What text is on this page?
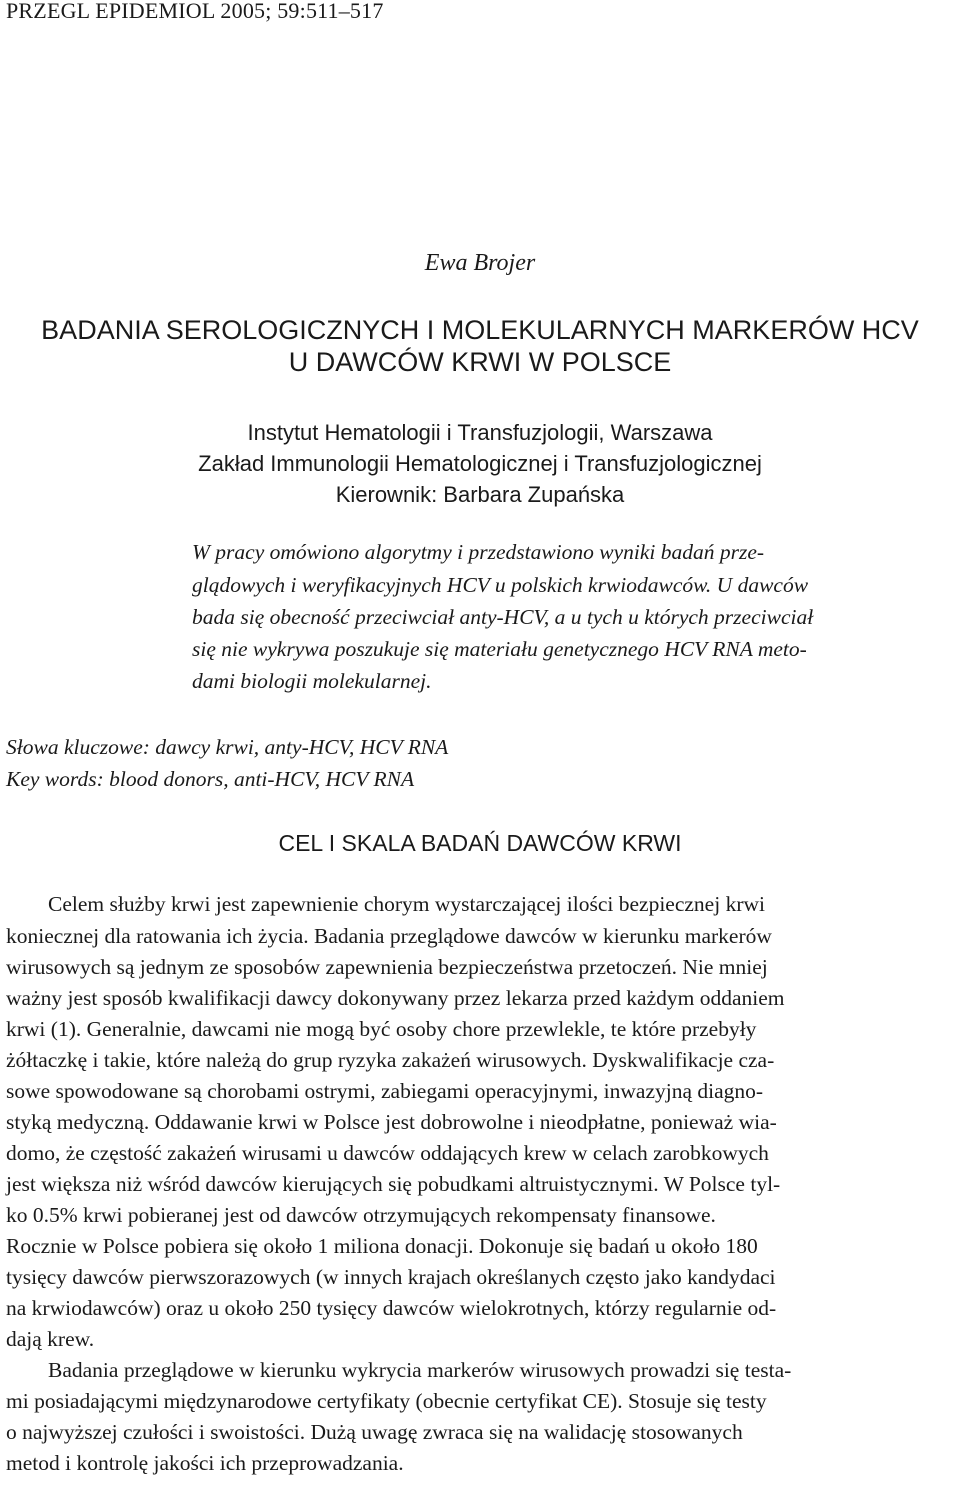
PRZEGL EPIDEMIOL 2005; 59:511–517
Ewa Brojer
BADANIA SEROLOGICZNYCH I MOLEKULARNYCH MARKERÓW HCV
U DAWCÓW KRWI W POLSCE
Instytut Hematologii i Transfuzjologii, Warszawa
Zakład Immunologii Hematologicznej i Transfuzjologicznej
Kierownik: Barbara Zupańska
W pracy omówiono algorytmy i przedstawiono wyniki badań prze-
glądowych i weryfikacyjnych HCV u polskich krwiodawców. U dawców
bada się obecność przeciwciał anty-HCV, a u tych u których przeciwciał
się nie wykrywa poszukuje się materiału genetycznego HCV RNA meto-
dami biologii molekularnej.
Słowa kluczowe: dawcy krwi, anty-HCV, HCV RNA
Key words: blood donors, anti-HCV, HCV RNA
CEL I SKALA BADAŃ DAWCÓW KRWI
Celem służby krwi jest zapewnienie chorym wystarczającej ilości bezpiecznej krwi
koniecznej dla ratowania ich życia. Badania przeglądowe dawców w kierunku markerów
wirusowych są jednym ze sposobów zapewnienia bezpieczeństwa przetoczeń. Nie mniej
ważny jest sposób kwalifikacji dawcy dokonywany przez lekarza przed każdym oddaniem
krwi (1). Generalnie, dawcami nie mogą być osoby chore przewlekle, te które przebyły
żółtaczkę i takie, które należą do grup ryzyka zakażeń wirusowych. Dyskwalifikacje cza-
sowe spowodowane są chorobami ostrymi, zabiegami operacyjnymi, inwazyjną diagno-
styką medyczną. Oddawanie krwi w Polsce jest dobrowolne i nieodpłatne, ponieważ wia-
domo, że częstość zakażeń wirusami u dawców oddających krew w celach zarobkowych
jest większa niż wśród dawców kierujących się pobudkami altruistycznymi. W Polsce tyl-
ko 0.5% krwi pobieranej jest od dawców otrzymujących rekompensaty finansowe.
Rocznie w Polsce pobiera się około 1 miliona donacji. Dokonuje się badań u około 180
tysięcy dawców pierwszorazowych (w innych krajach określanych często jako kandydaci
na krwiodawców) oraz u około 250 tysięcy dawców wielokrotnych, którzy regularnie od-
dają krew.
Badania przeglądowe w kierunku wykrycia markerów wirusowych prowadzi się testa-
mi posiadającymi międzynarodowe certyfikaty (obecnie certyfikat CE). Stosuje się testy
o najwyższej czułości i swoistości. Dużą uwagę zwraca się na walidację stosowanych
metod i kontrolę jakości ich przeprowadzania.
